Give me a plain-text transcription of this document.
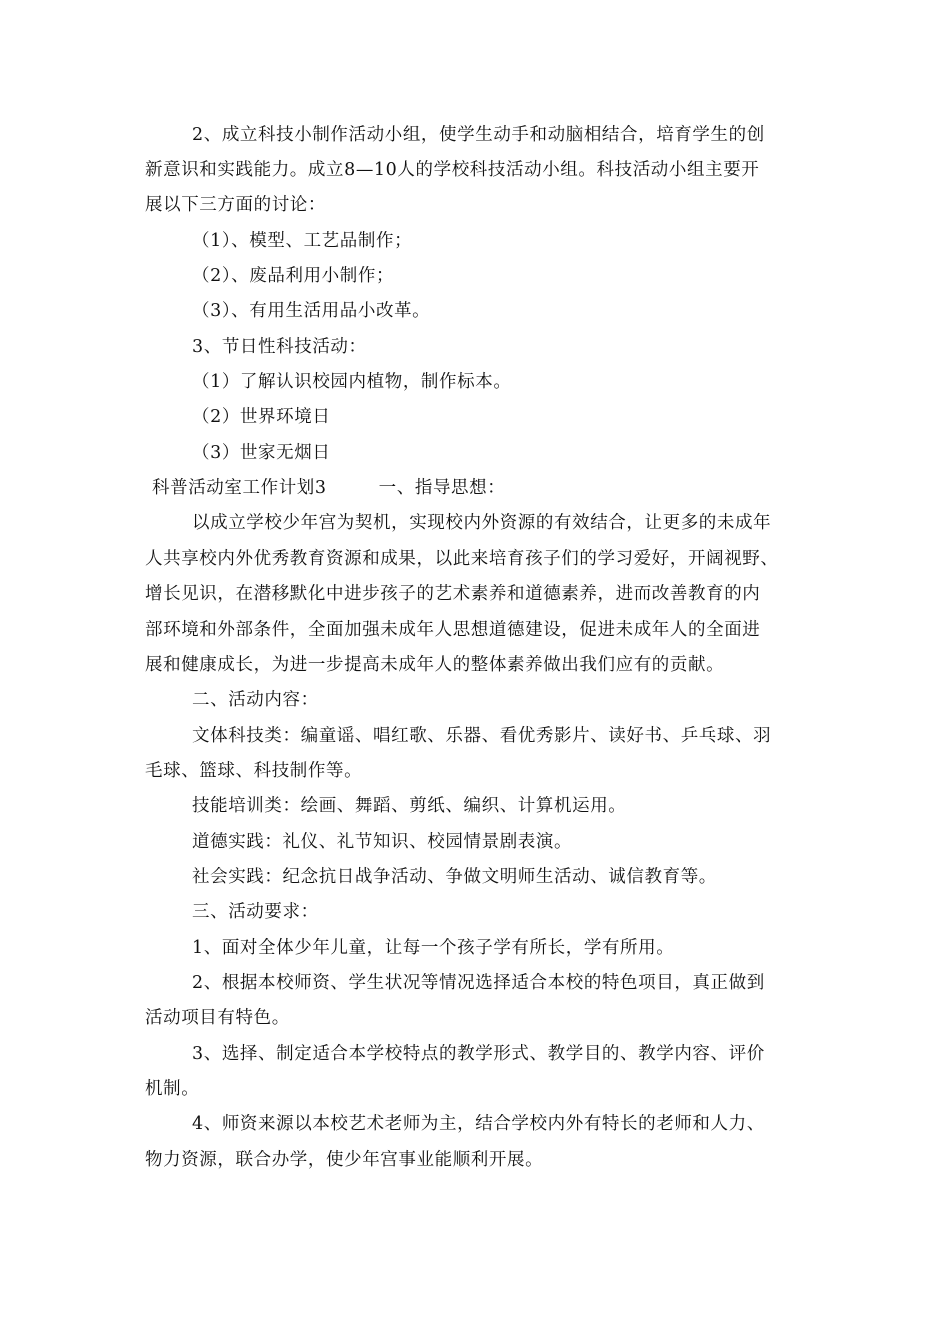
2、成立科技小制作活动小组，使学生动手和动脑相结合，培育学生的创
新意识和实践能力。成立8—10人的学校科技活动小组。科技活动小组主要开
展以下三方面的讨论：
（1）、模型、工艺品制作；
（2）、废品利用小制作；
（3）、有用生活用品小改革。
3、节日性科技活动：
（1）了解认识校园内植物，制作标本。
（2）世界环境日
（3）世家无烟日
科普活动室工作计划3	一、指导思想：
以成立学校少年宫为契机，实现校内外资源的有效结合，让更多的未成年
人共享校内外优秀教育资源和成果，以此来培育孩子们的学习爱好，开阔视野、
增长见识，在潜移默化中进步孩子的艺术素养和道德素养，进而改善教育的内
部环境和外部条件，全面加强未成年人思想道德建设，促进未成年人的全面进
展和健康成长，为进一步提高未成年人的整体素养做出我们应有的贡献。
二、活动内容：
文体科技类：编童谣、唱红歌、乐器、看优秀影片、读好书、乒乓球、羽
毛球、篮球、科技制作等。
技能培训类：绘画、舞蹈、剪纸、编织、计算机运用。
道德实践：礼仪、礼节知识、校园情景剧表演。
社会实践：纪念抗日战争活动、争做文明师生活动、诚信教育等。
三、活动要求：
1、面对全体少年儿童，让每一个孩子学有所长，学有所用。
2、根据本校师资、学生状况等情况选择适合本校的特色项目，真正做到
活动项目有特色。
3、选择、制定适合本学校特点的教学形式、教学目的、教学内容、评价
机制。
4、师资来源以本校艺术老师为主，结合学校内外有特长的老师和人力、
物力资源，联合办学，使少年宫事业能顺利开展。
